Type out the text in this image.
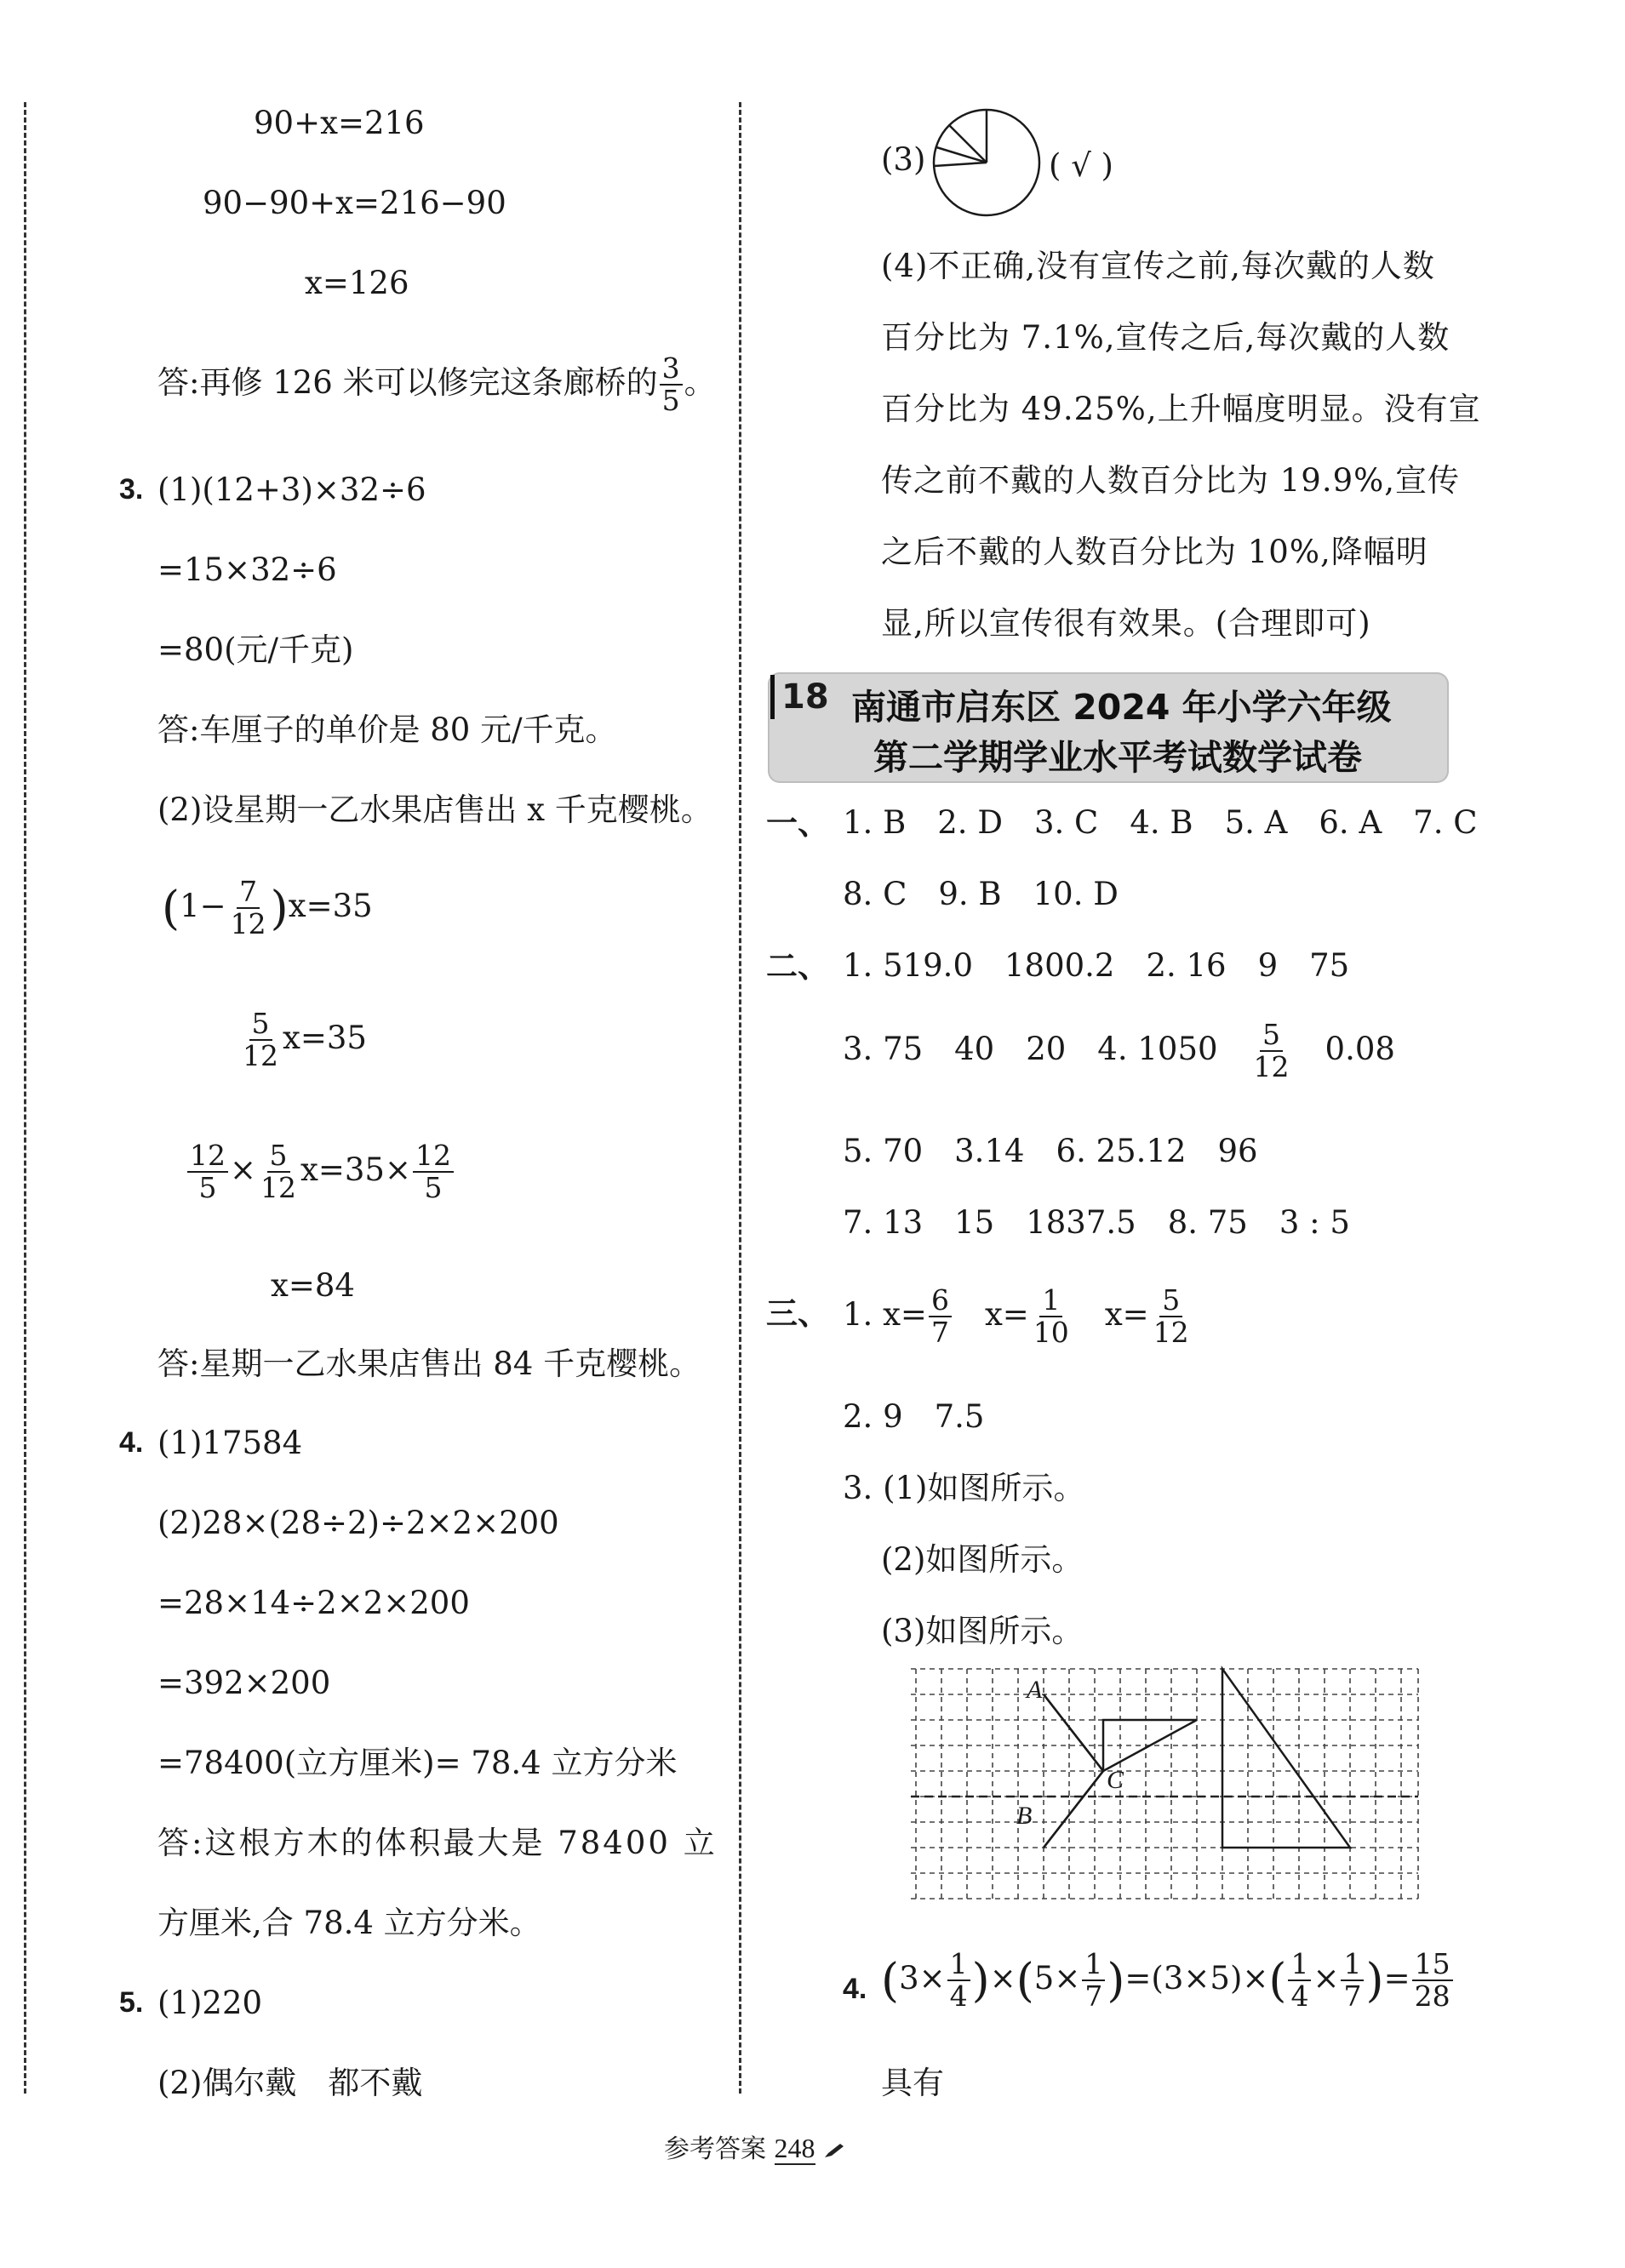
90+x=216
90−90+x=216−90
x=126
答:再修 126 米可以修完这条廊桥的 $\frac{3}{5}$ 。
3. (1)(12+3)×32÷6
=15×32÷6
=80(元/千克)
答:车厘子的单价是 80 元/千克。
(2)设星期一乙水果店售出 x 千克樱桃。
$(1- \frac{7}{12} )x=35$
$\frac{5}{12} x=35$
$\frac{12}{5} \times \frac{5}{12} x=35\times \frac{12}{5}$
x=84
答:星期一乙水果店售出 84 千克樱桃。
4. (1)17584
(2)28×(28÷2)÷2×2×200
=28×14÷2×2×200
=392×200
=78400(立方厘米)= 78.4 立方分米
答:这根方木的体积最大是 78400 立
方厘米,合 78.4 立方分米。
5. (1)220
(2)偶尔戴　都不戴
(3)	( √ )
(4)不正确,没有宣传之前,每次戴的人数
百分比为 7.1%,宣传之后,每次戴的人数
百分比为 49.25%,上升幅度明显。没有宣
传之前不戴的人数百分比为 19.9%,宣传
之后不戴的人数百分比为 10%,降幅明
显,所以宣传很有效果。(合理即可)
18 南通市启东区 2024 年小学六年级
第二学期学业水平考试数学试卷
一、 1. B　2. D　3. C　4. B　5. A　6. A　7. C
8. C　9. B　10. D
二、 1. 519.0　1800.2　2. 16　9　75
3. 75　40　20　4. 1050　 $\frac{5}{12}$
　 0.08
5. 70　3.14　6. 25.12　96
7. 13　15　1837.5　8. 75　3 : 5
三、 1. $x= \frac{6}{7}$
　 $x= \frac{1}{10}$
　 $x= \frac{5}{12}$
2. 9　7.5
3. (1)如图所示。
(2)如图所示。
(3)如图所示。
A
B
C
4. $(3\times \frac{1}{4} )\times(5\times \frac{1}{7} )=(3\times 5)\times( \frac{1}{4} \times \frac{1}{7}$ )= $\frac{15}{28}$
具有
参考答案 248
